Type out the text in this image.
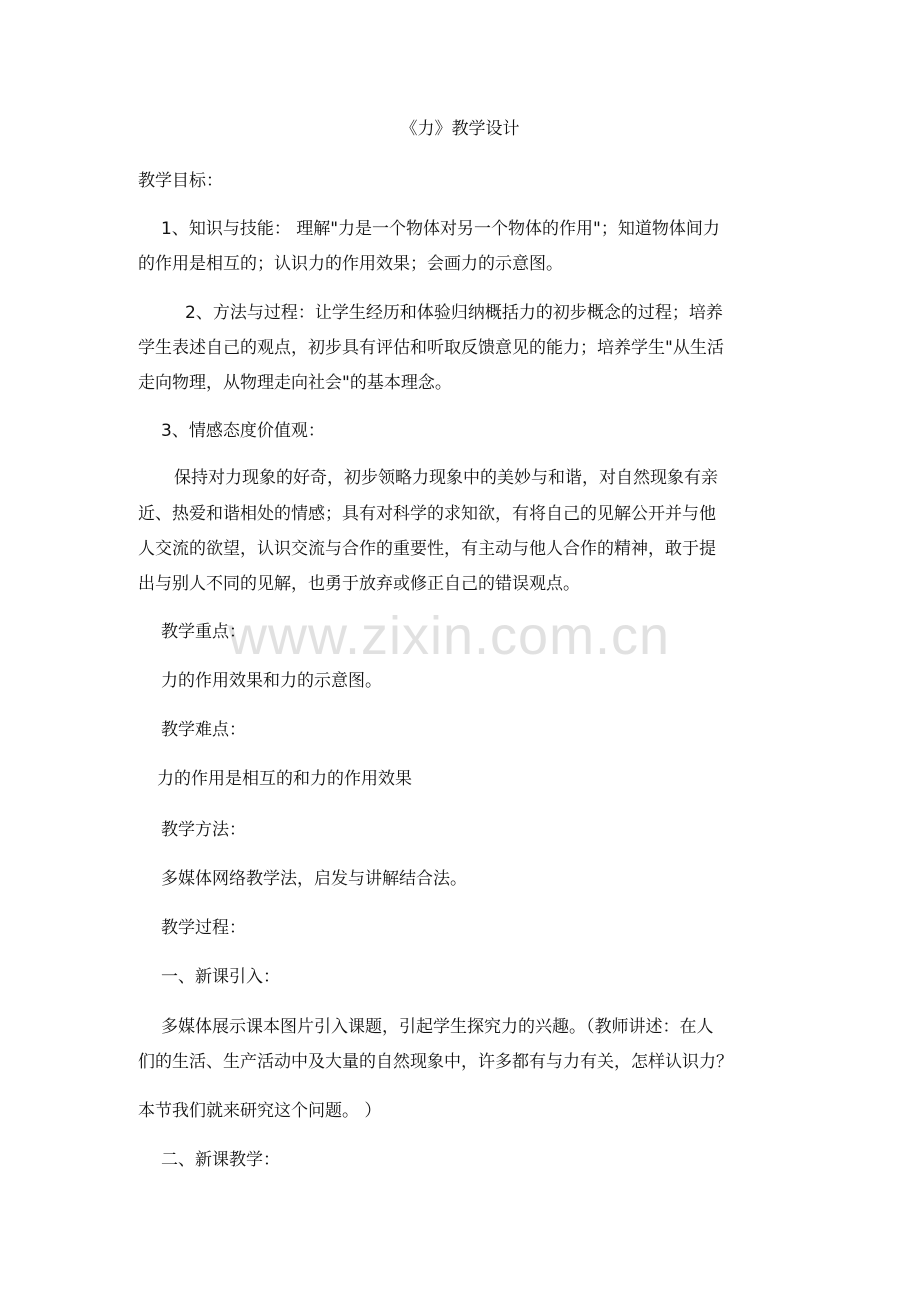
www.zixin.com.cn
《力》教学设计
教学目标：
1、知识与技能： 理解"力是一个物体对另一个物体的作用"；知道物体间力
的作用是相互的；认识力的作用效果；会画力的示意图。
2、方法与过程：让学生经历和体验归纳概括力的初步概念的过程；培养
学生表述自己的观点，初步具有评估和听取反馈意见的能力；培养学生"从生活
走向物理，从物理走向社会"的基本理念。
3、情感态度价值观：
保持对力现象的好奇，初步领略力现象中的美妙与和谐，对自然现象有亲
近、热爱和谐相处的情感；具有对科学的求知欲，有将自己的见解公开并与他
人交流的欲望，认识交流与合作的重要性，有主动与他人合作的精神，敢于提
出与别人不同的见解，也勇于放弃或修正自己的错误观点。
教学重点：
力的作用效果和力的示意图。
教学难点：
力的作用是相互的和力的作用效果
教学方法：
多媒体网络教学法，启发与讲解结合法。
教学过程：
一、新课引入：
多媒体展示课本图片引入课题，引起学生探究力的兴趣。（教师讲述：在人
们的生活、生产活动中及大量的自然现象中，许多都有与力有关，怎样认识力？
本节我们就来研究这个问题。 ）
二、新课教学：
